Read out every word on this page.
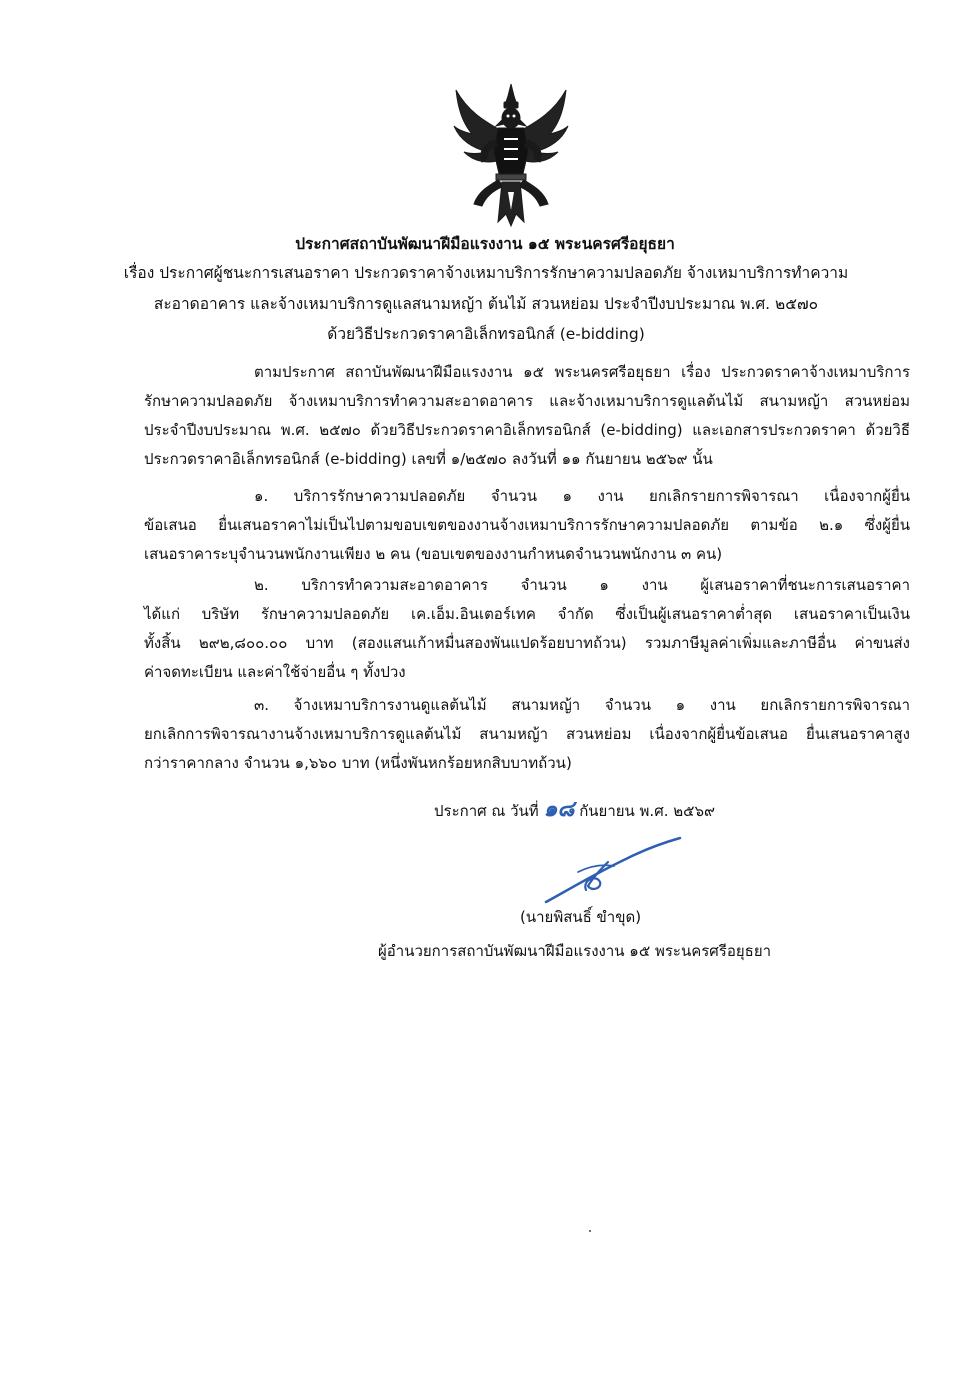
ประกาศสถาบันพัฒนาฝีมือแรงงาน ๑๕ พระนครศรีอยุธยา
เรื่อง ประกาศผู้ชนะการเสนอราคา ประกวดราคาจ้างเหมาบริการรักษาความปลอดภัย จ้างเหมาบริการทำความ
สะอาดอาคาร และจ้างเหมาบริการดูแลสนามหญ้า ต้นไม้ สวนหย่อม ประจำปีงบประมาณ พ.ศ. ๒๕๗๐
ด้วยวิธีประกวดราคาอิเล็กทรอนิกส์ (e-bidding)
ตามประกาศ สถาบันพัฒนาฝีมือแรงงาน ๑๕ พระนครศรีอยุธยา เรื่อง ประกวดราคาจ้างเหมาบริการ
รักษาความปลอดภัย จ้างเหมาบริการทำความสะอาดอาคาร และจ้างเหมาบริการดูแลต้นไม้ สนามหญ้า สวนหย่อม
ประจำปีงบประมาณ พ.ศ. ๒๕๗๐ ด้วยวิธีประกวดราคาอิเล็กทรอนิกส์ (e-bidding) และเอกสารประกวดราคา ด้วยวิธี
ประกวดราคาอิเล็กทรอนิกส์ (e-bidding) เลขที่ ๑/๒๕๗๐ ลงวันที่ ๑๑ กันยายน ๒๕๖๙ นั้น
๑. บริการรักษาความปลอดภัย จำนวน ๑ งาน ยกเลิกรายการพิจารณา เนื่องจากผู้ยื่น
ข้อเสนอ ยื่นเสนอราคาไม่เป็นไปตามขอบเขตของงานจ้างเหมาบริการรักษาความปลอดภัย ตามข้อ ๒.๑ ซึ่งผู้ยื่น
เสนอราคาระบุจำนวนพนักงานเพียง ๒ คน (ขอบเขตของงานกำหนดจำนวนพนักงาน ๓ คน)
๒. บริการทำความสะอาดอาคาร จำนวน ๑ งาน ผู้เสนอราคาที่ชนะการเสนอราคา
ได้แก่ บริษัท รักษาความปลอดภัย เค.เอ็ม.อินเตอร์เทค จำกัด ซึ่งเป็นผู้เสนอราคาต่ำสุด เสนอราคาเป็นเงิน
ทั้งสิ้น ๒๙๒,๘๐๐.๐๐ บาท (สองแสนเก้าหมื่นสองพันแปดร้อยบาทถ้วน) รวมภาษีมูลค่าเพิ่มและภาษีอื่น ค่าขนส่ง
ค่าจดทะเบียน และค่าใช้จ่ายอื่น ๆ ทั้งปวง
๓. จ้างเหมาบริการงานดูแลต้นไม้ สนามหญ้า จำนวน ๑ งาน ยกเลิกรายการพิจารณา
ยกเลิกการพิจารณางานจ้างเหมาบริการดูแลต้นไม้ สนามหญ้า สวนหย่อม เนื่องจากผู้ยื่นข้อเสนอ ยื่นเสนอราคาสูง
กว่าราคากลาง จำนวน ๑,๖๖๐ บาท (หนึ่งพันหกร้อยหกสิบบาทถ้วน)
ประกาศ ณ วันที่ ๑๘ กันยายน พ.ศ. ๒๕๖๙
(นายพิสนธิ์ ขำขุด)
ผู้อำนวยการสถาบันพัฒนาฝีมือแรงงาน ๑๕ พระนครศรีอยุธยา
